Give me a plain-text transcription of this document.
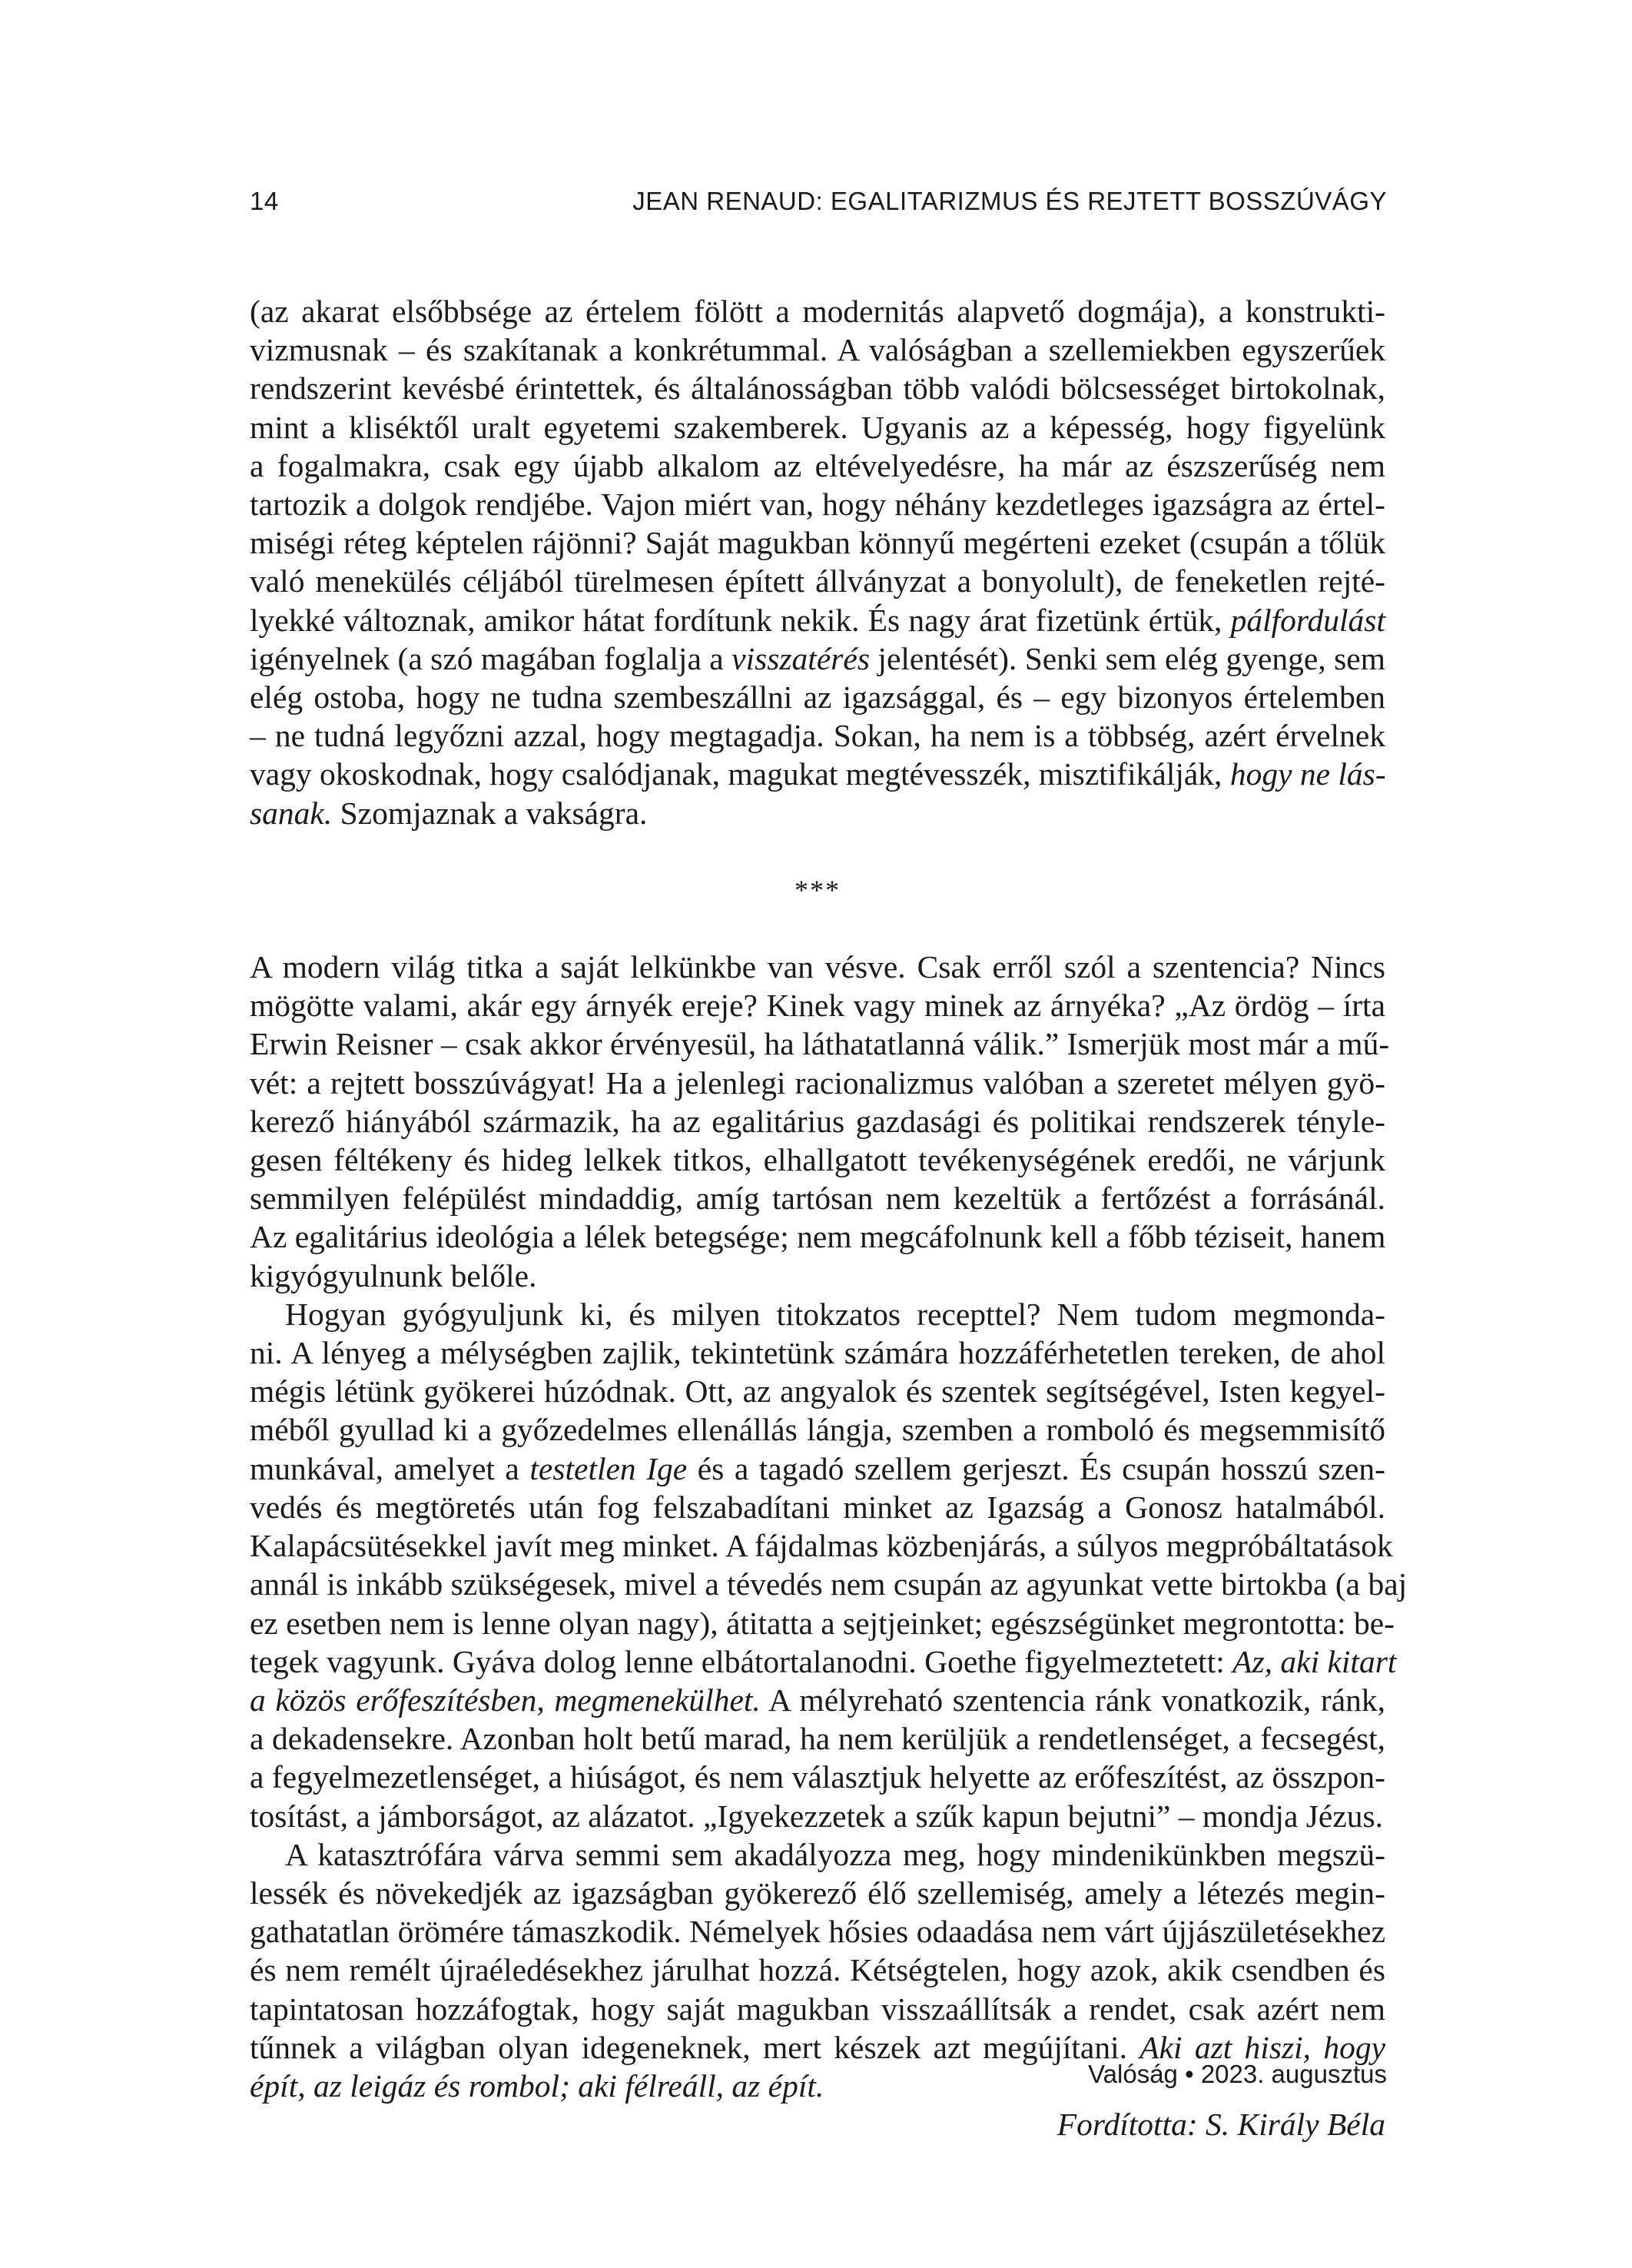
14	JEAN RENAUD: EGALITARIZMUS ÉS REJTETT BOSSZÚVÁGY
(az akarat elsőbbsége az értelem fölött a modernitás alapvető dogmája), a konstrukti-
vizmusnak – és szakítanak a konkrétummal. A valóságban a szellemiekben egyszerűek
rendszerint kevésbé érintettek, és általánosságban több valódi bölcsességet birtokolnak,
mint a kliséktől uralt egyetemi szakemberek. Ugyanis az a képesség, hogy figyelünk
a fogalmakra, csak egy újabb alkalom az eltévelyedésre, ha már az észszerűség nem
tartozik a dolgok rendjébe. Vajon miért van, hogy néhány kezdetleges igazságra az értel-
miségi réteg képtelen rájönni? Saját magukban könnyű megérteni ezeket (csupán a tőlük
való menekülés céljából türelmesen épített állványzat a bonyolult), de feneketlen rejté-
lyekké változnak, amikor hátat fordítunk nekik. És nagy árat fizetünk értük, pálfordulást
igényelnek (a szó magában foglalja a visszatérés jelentését). Senki sem elég gyenge, sem
elég ostoba, hogy ne tudna szembeszállni az igazsággal, és – egy bizonyos értelemben
– ne tudná legyőzni azzal, hogy megtagadja. Sokan, ha nem is a többség, azért érvelnek
vagy okoskodnak, hogy csalódjanak, magukat megtévesszék, misztifikálják, hogy ne lás-
sanak. Szomjaznak a vakságra.
***
A modern világ titka a saját lelkünkbe van vésve. Csak erről szól a szentencia? Nincs
mögötte valami, akár egy árnyék ereje? Kinek vagy minek az árnyéka? „Az ördög – írta
Erwin Reisner – csak akkor érvényesül, ha láthatatlanná válik.” Ismerjük most már a mű-
vét: a rejtett bosszúvágyat! Ha a jelenlegi racionalizmus valóban a szeretet mélyen gyö-
kerező hiányából származik, ha az egalitárius gazdasági és politikai rendszerek tényle-
gesen féltékeny és hideg lelkek titkos, elhallgatott tevékenységének eredői, ne várjunk
semmilyen felépülést mindaddig, amíg tartósan nem kezeltük a fertőzést a forrásánál.
Az egalitárius ideológia a lélek betegsége; nem megcáfolnunk kell a főbb téziseit, hanem
kigyógyulnunk belőle.
Hogyan gyógyuljunk ki, és milyen titokzatos recepttel? Nem tudom megmonda-
ni. A lényeg a mélységben zajlik, tekintetünk számára hozzáférhetetlen tereken, de ahol
mégis létünk gyökerei húzódnak. Ott, az angyalok és szentek segítségével, Isten kegyel-
méből gyullad ki a győzedelmes ellenállás lángja, szemben a romboló és megsemmisítő
munkával, amelyet a testetlen Ige és a tagadó szellem gerjeszt. És csupán hosszú szen-
vedés és megtöretés után fog felszabadítani minket az Igazság a Gonosz hatalmából.
Kalapácsütésekkel javít meg minket. A fájdalmas közbenjárás, a súlyos megpróbáltatások
annál is inkább szükségesek, mivel a tévedés nem csupán az agyunkat vette birtokba (a baj
ez esetben nem is lenne olyan nagy), átitatta a sejtjeinket; egészségünket megrontotta: be-
tegek vagyunk. Gyáva dolog lenne elbátortalanodni. Goethe figyelmeztetett: Az, aki kitart
a közös erőfeszítésben, megmenekülhet. A mélyreható szentencia ránk vonatkozik, ránk,
a dekadensekre. Azonban holt betű marad, ha nem kerüljük a rendetlenséget, a fecsegést,
a fegyelmezetlenséget, a hiúságot, és nem választjuk helyette az erőfeszítést, az összpon-
tosítást, a jámborságot, az alázatot. „Igyekezzetek a szűk kapun bejutni” – mondja Jézus.
A katasztrófára várva semmi sem akadályozza meg, hogy mindenikünkben megszü-
lessék és növekedjék az igazságban gyökerező élő szellemiség, amely a létezés megin-
gathatatlan örömére támaszkodik. Némelyek hősies odaadása nem várt újjászületésekhez
és nem remélt újraéledésekhez járulhat hozzá. Kétségtelen, hogy azok, akik csendben és
tapintatosan hozzáfogtak, hogy saját magukban visszaállítsák a rendet, csak azért nem
tűnnek a világban olyan idegeneknek, mert készek azt megújítani. Aki azt hiszi, hogy
épít, az leigáz és rombol; aki félreáll, az épít.
Fordította: S. Király Béla
Valóság • 2023. augusztus
